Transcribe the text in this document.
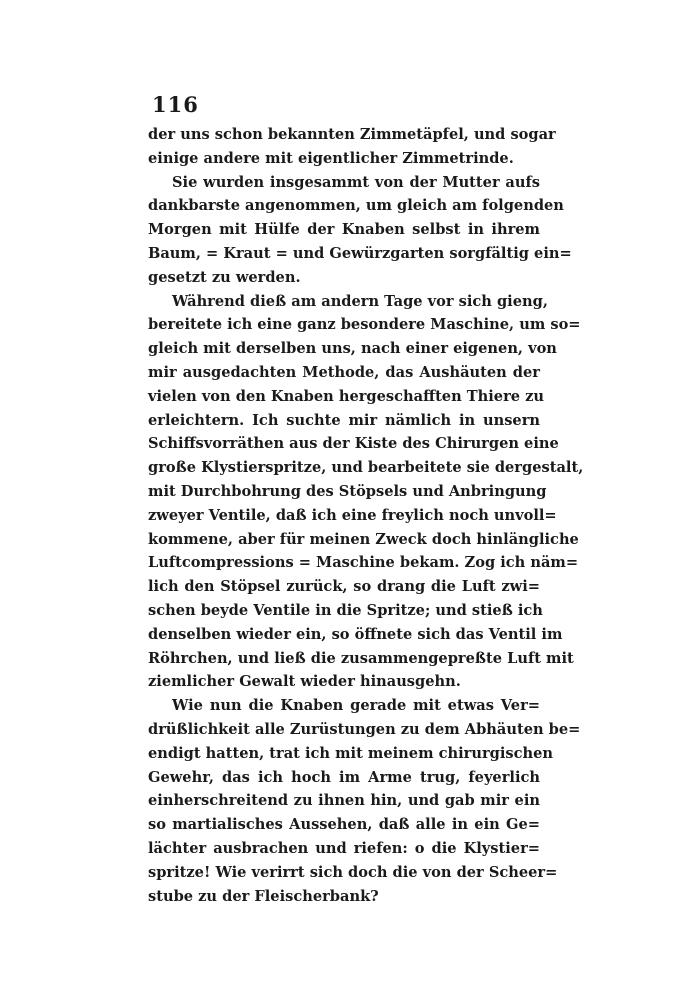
116
der uns schon bekannten Zimmetäpfel, und sogar
einige andere mit eigentlicher Zimmetrinde.
Sie wurden insgesammt von der Mutter aufs
dankbarste angenommen, um gleich am folgenden
Morgen mit Hülfe der Knaben selbst in ihrem
Baum, = Kraut = und Gewürzgarten sorgfältig ein=
gesetzt zu werden.
Während dieß am andern Tage vor sich gieng,
bereitete ich eine ganz besondere Maschine, um so=
gleich mit derselben uns, nach einer eigenen, von
mir ausgedachten Methode, das Aushäuten der
vielen von den Knaben hergeschafften Thiere zu
erleichtern. Ich suchte mir nämlich in unsern
Schiffsvorräthen aus der Kiste des Chirurgen eine
große Klystierspritze, und bearbeitete sie dergestalt,
mit Durchbohrung des Stöpsels und Anbringung
zweyer Ventile, daß ich eine freylich noch unvoll=
kommene, aber für meinen Zweck doch hinlängliche
Luftcompressions = Maschine bekam. Zog ich näm=
lich den Stöpsel zurück, so drang die Luft zwi=
schen beyde Ventile in die Spritze; und stieß ich
denselben wieder ein, so öffnete sich das Ventil im
Röhrchen, und ließ die zusammengepreßte Luft mit
ziemlicher Gewalt wieder hinausgehn.
Wie nun die Knaben gerade mit etwas Ver=
drüßlichkeit alle Zurüstungen zu dem Abhäuten be=
endigt hatten, trat ich mit meinem chirurgischen
Gewehr, das ich hoch im Arme trug, feyerlich
einherschreitend zu ihnen hin, und gab mir ein
so martialisches Aussehen, daß alle in ein Ge=
lächter ausbrachen und riefen: o die Klystier=
spritze! Wie verirrt sich doch die von der Scheer=
stube zu der Fleischerbank?
